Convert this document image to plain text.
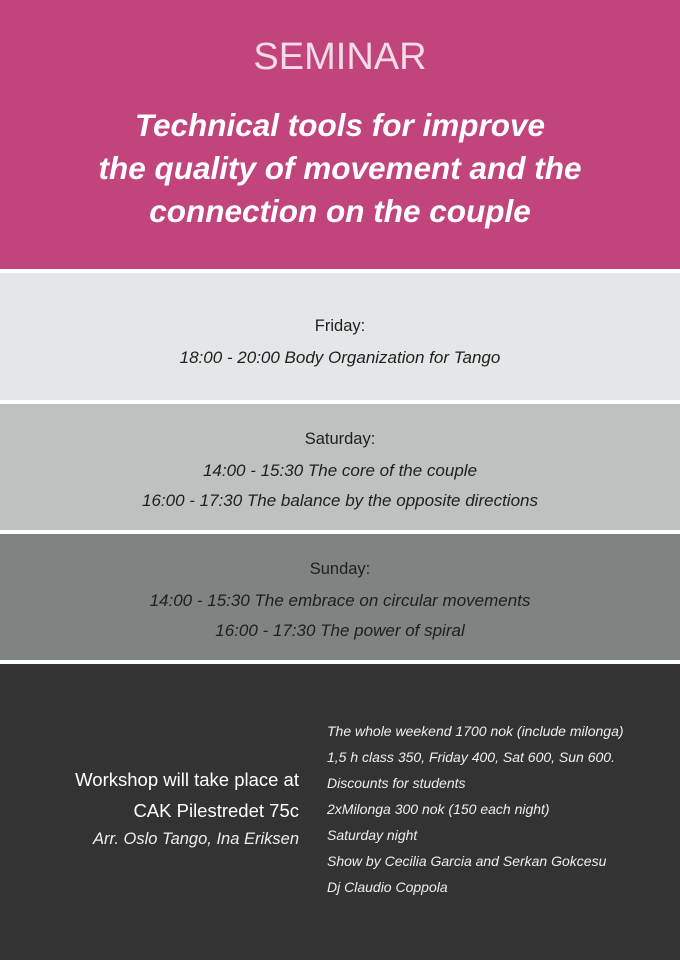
SEMINAR
Technical tools for improve
the quality of movement and the
connection on the couple
Friday:
18:00 - 20:00 Body Organization for Tango
Saturday:
14:00 - 15:30 The core of the couple
16:00 - 17:30 The balance by the opposite directions
Sunday:
14:00 - 15:30 The embrace on circular movements
16:00 - 17:30 The power of spiral
Workshop will take place at
CAK Pilestredet 75c
Arr. Oslo Tango, Ina Eriksen
The whole weekend 1700 nok (include milonga)
1,5 h class 350, Friday 400, Sat 600, Sun 600.
Discounts for students
2xMilonga 300 nok (150 each night)
Saturday night
Show by Cecilia Garcia and Serkan Gokcesu
Dj Claudio Coppola
